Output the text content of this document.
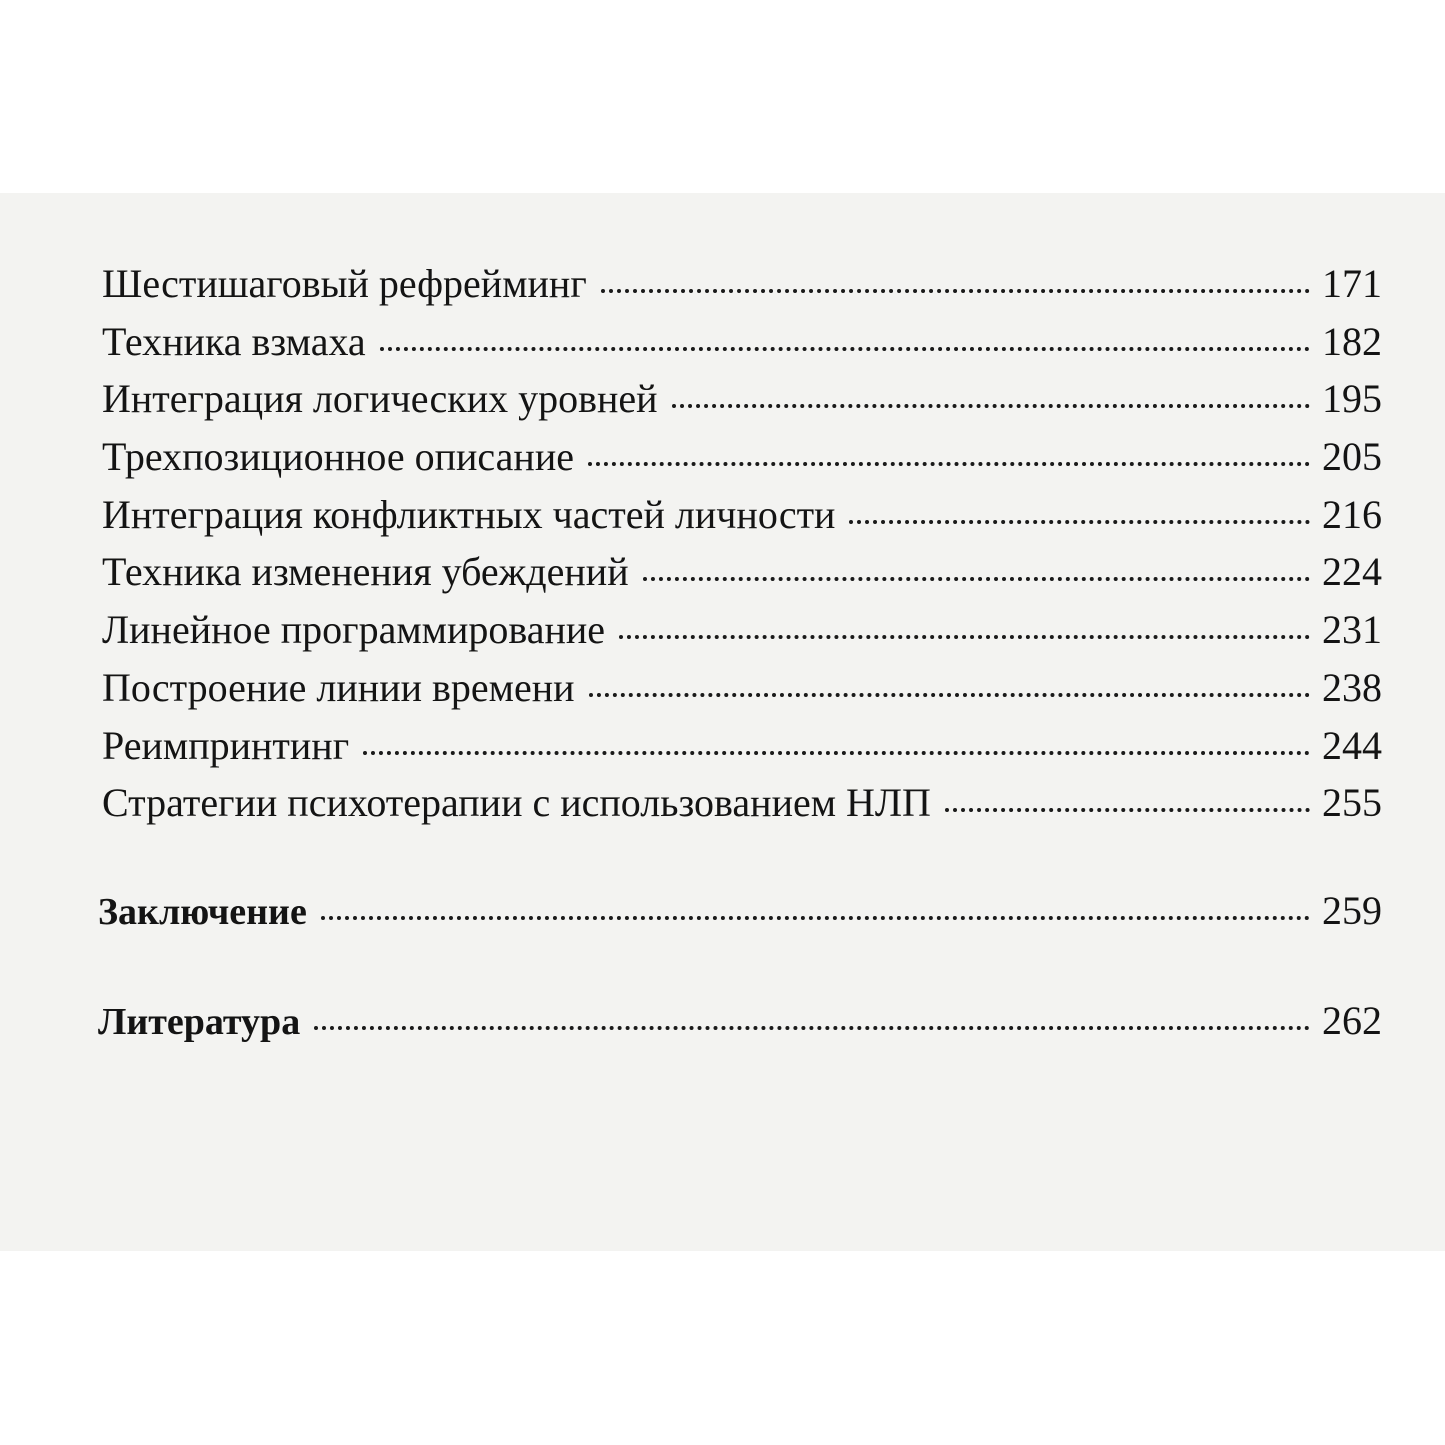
Шестишаговый рефрейминг	171
Техника взмаха	182
Интеграция логических уровней	195
Трехпозиционное описание	205
Интеграция конфликтных частей личности	216
Техника изменения убеждений	224
Линейное программирование	231
Построение линии времени	238
Реимпринтинг	244
Стратегии психотерапии с использованием НЛП	255
Заключение	259
Литература	262
